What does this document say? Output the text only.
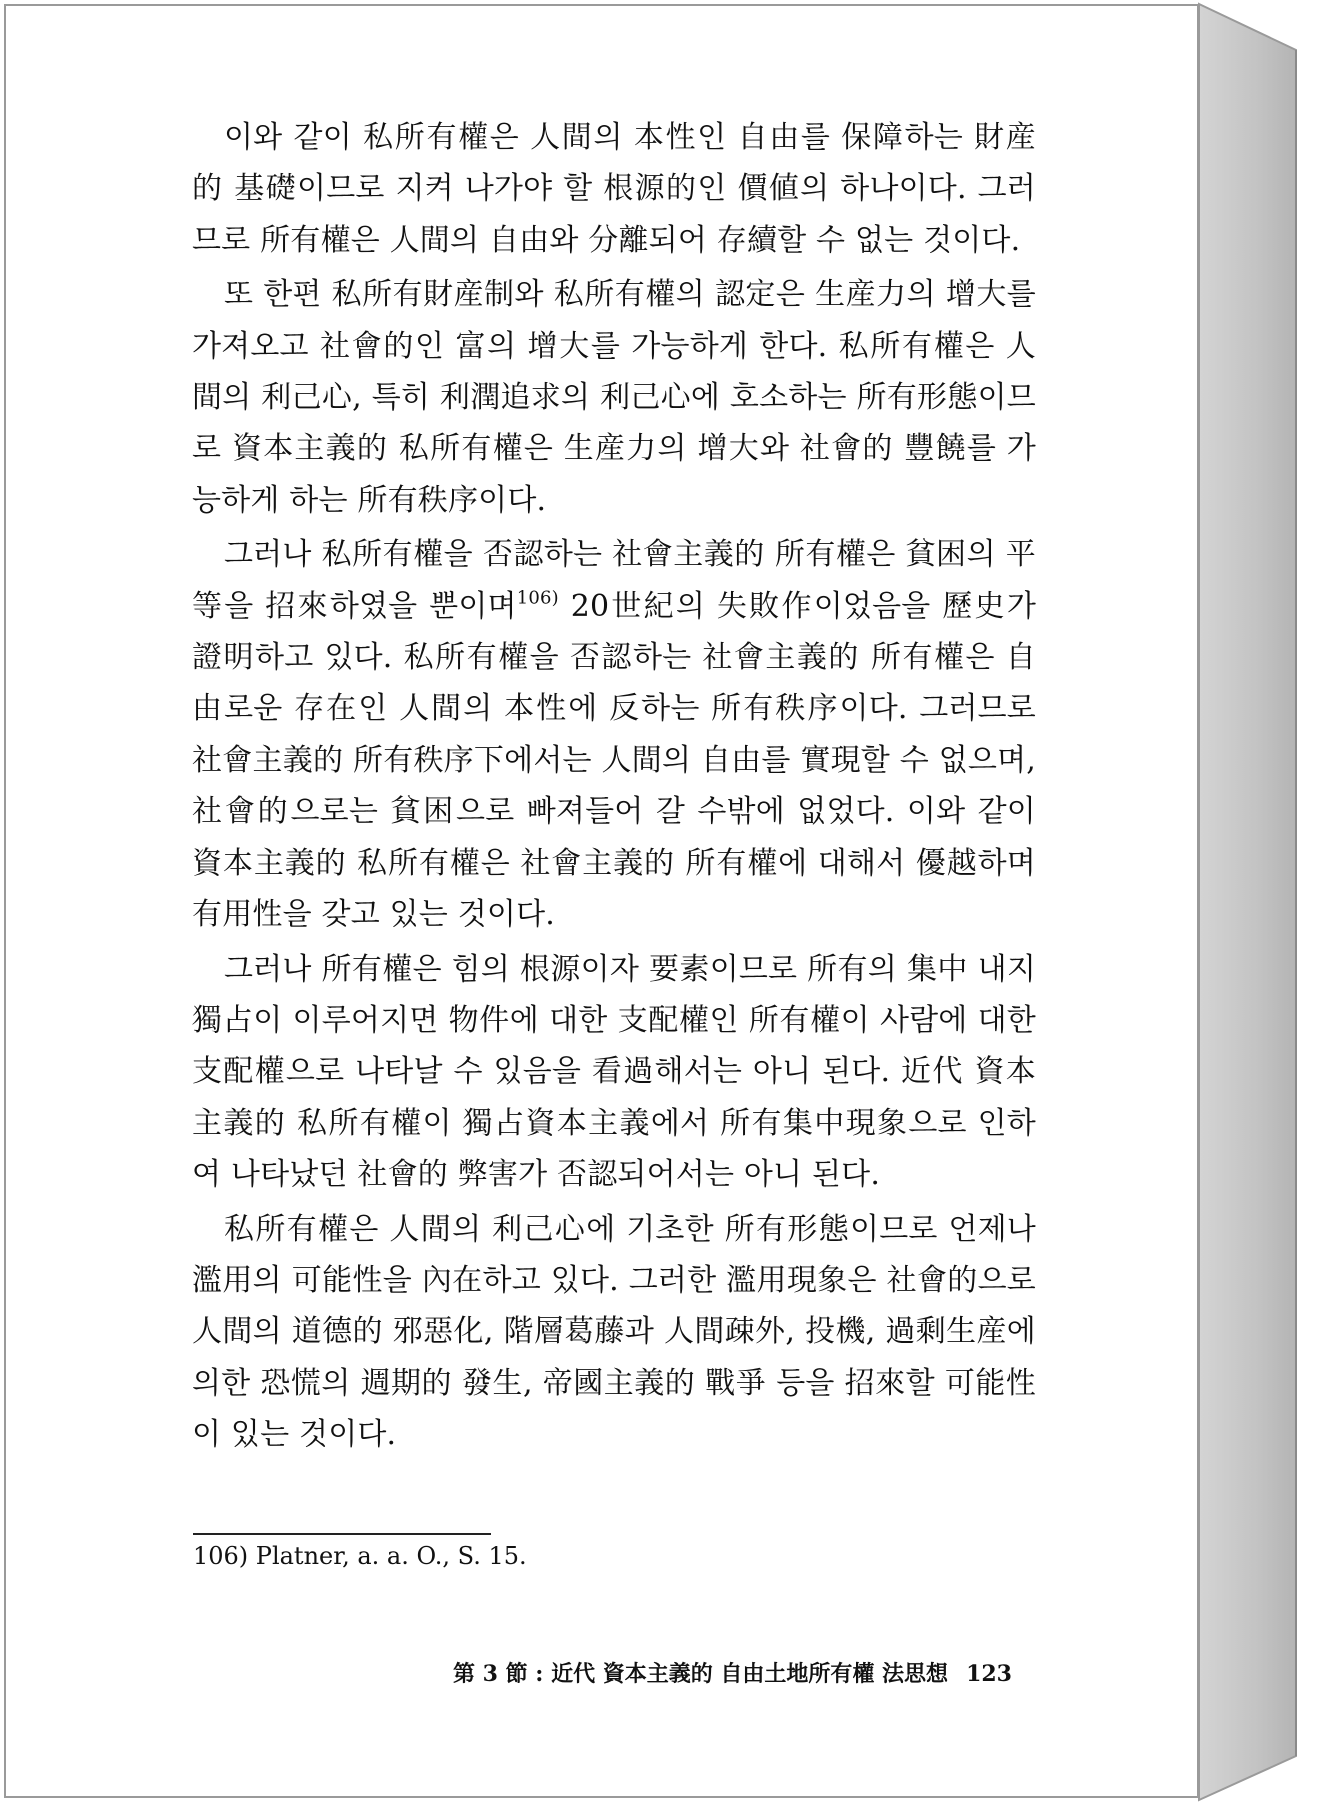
이와 같이 私所有權은 人間의 本性인 自由를 保障하는 財産的 基礎이므로 지켜 나가야 할 根源的인 價値의 하나이다. 그러므로 所有權은 人間의 自由와 分離되어 存續할 수 없는 것이다.

또 한편 私所有財産制와 私所有權의 認定은 生産力의 增大를 가져오고 社會的인 富의 增大를 가능하게 한다. 私所有權은 人間의 利己心, 특히 利潤追求의 利己心에 호소하는 所有形態이므로 資本主義的 私所有權은 生産力의 增大와 社會的 豐饒를 가능하게 하는 所有秩序이다.

그러나 私所有權을 否認하는 社會主義的 所有權은 貧困의 平等을 招來하였을 뿐이며$^{106)}$ 20世紀의 失敗作이었음을 歷史가 證明하고 있다. 私所有權을 否認하는 社會主義的 所有權은 自由로운 存在인 人間의 本性에 反하는 所有秩序이다. 그러므로 社會主義的 所有秩序下에서는 人間의 自由를 實現할 수 없으며, 社會的으로는 貧困으로 빠져들어 갈 수밖에 없었다. 이와 같이 資本主義的 私所有權은 社會主義的 所有權에 대해서 優越하며 有用性을 갖고 있는 것이다.

그러나 所有權은 힘의 根源이자 要素이므로 所有의 集中 내지 獨占이 이루어지면 物件에 대한 支配權인 所有權이 사람에 대한 支配權으로 나타날 수 있음을 看過해서는 아니 된다. 近代 資本主義的 私所有權이 獨占資本主義에서 所有集中現象으로 인하여 나타났던 社會的 弊害가 否認되어서는 아니 된다.

私所有權은 人間의 利己心에 기초한 所有形態이므로 언제나 濫用의 可能性을 內在하고 있다. 그러한 濫用現象은 社會的으로 人間의 道德的 邪惡化, 階層葛藤과 人間疎外, 投機, 過剩生産에 의한 恐慌의 週期的 發生, 帝國主義的 戰爭 등을 招來할 可能性이 있는 것이다.

106) Platner, a. a. O., S. 15.
第 3 節 : 近代 資本主義的 自由土地所有權 法思想 123
